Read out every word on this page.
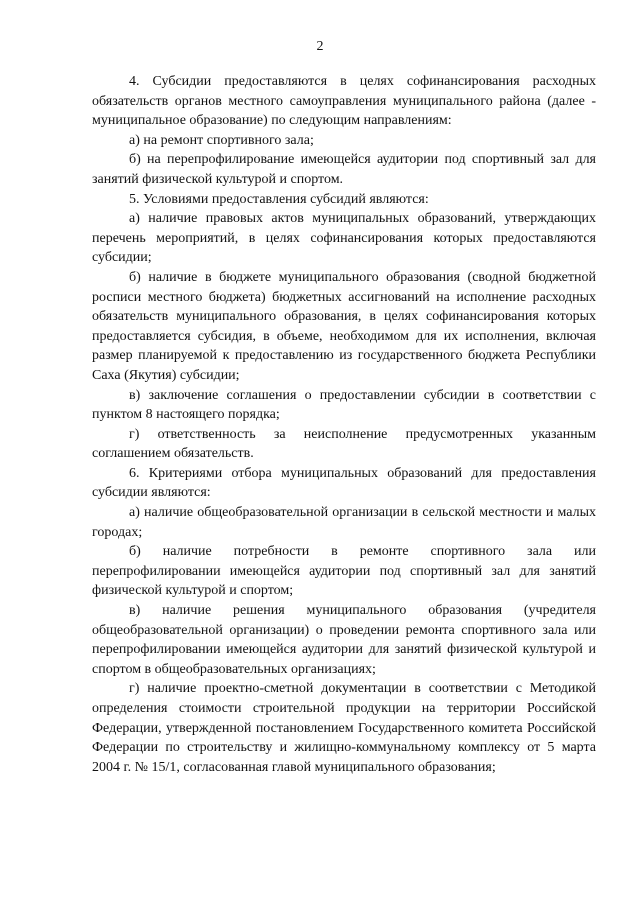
2

4. Субсидии предоставляются в целях софинансирования расходных обязательств органов местного самоуправления муниципального района (далее - муниципальное образование) по следующим направлениям:

а) на ремонт спортивного зала;

б) на перепрофилирование имеющейся аудитории под спортивный зал для занятий физической культурой и спортом.

5. Условиями предоставления субсидий являются:

а) наличие правовых актов муниципальных образований, утверждающих перечень мероприятий, в целях софинансирования которых предоставляются субсидии;

б) наличие в бюджете муниципального образования (сводной бюджетной росписи местного бюджета) бюджетных ассигнований на исполнение расходных обязательств муниципального образования, в целях софинансирования которых предоставляется субсидия, в объеме, необходимом для их исполнения, включая размер планируемой к предоставлению из государственного бюджета Республики Саха (Якутия) субсидии;

в) заключение соглашения о предоставлении субсидии в соответствии с пунктом 8 настоящего порядка;

г) ответственность за неисполнение предусмотренных указанным соглашением обязательств.

6. Критериями отбора муниципальных образований для предоставления субсидии являются:

а) наличие общеобразовательной организации в сельской местности и малых городах;

б) наличие потребности в ремонте спортивного зала или перепрофилировании имеющейся аудитории под спортивный зал для занятий физической культурой и спортом;

в) наличие решения муниципального образования (учредителя общеобразовательной организации) о проведении ремонта спортивного зала или перепрофилировании имеющейся аудитории для занятий физической культурой и спортом в общеобразовательных организациях;

г) наличие проектно-сметной документации в соответствии с Методикой определения стоимости строительной продукции на территории Российской Федерации, утвержденной постановлением Государственного комитета Российской Федерации по строительству и жилищно-коммунальному комплексу от 5 марта 2004 г. № 15/1, согласованная главой муниципального образования;
